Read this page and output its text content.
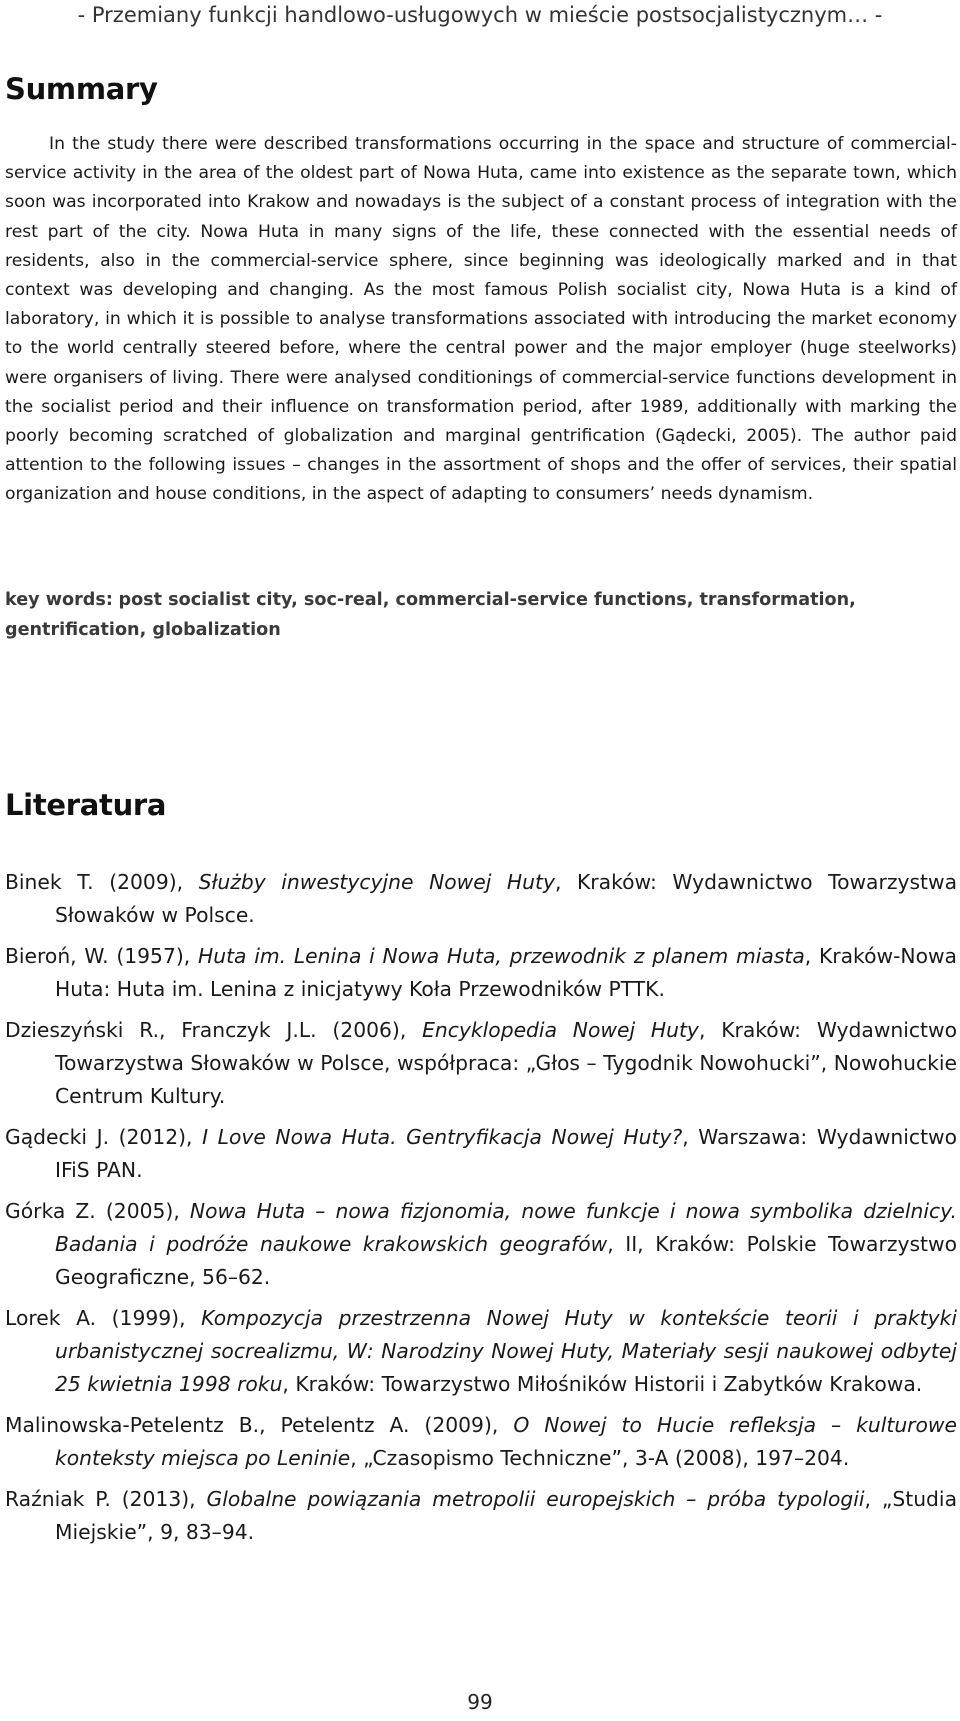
- Przemiany funkcji handlowo-usługowych w mieście postsocjalistycznym… -
Summary

In the study there were described transformations occurring in the space and structure of commercial-service activity in the area of the oldest part of Nowa Huta, came into existence as the separate town, which soon was incorporated into Krakow and nowadays is the subject of a constant process of integration with the rest part of the city. Nowa Huta in many signs of the life, these connected with the essential needs of residents, also in the commercial-service sphere, since beginning was ideologically marked and in that context was developing and changing. As the most famous Polish socialist city, Nowa Huta is a kind of laboratory, in which it is possible to analyse transformations associated with introducing the market economy to the world centrally steered before, where the central power and the major employer (huge steelworks) were organisers of living. There were analysed conditionings of commercial-service functions development in the socialist period and their influence on transformation period, after 1989, additionally with marking the poorly becoming scratched of globalization and marginal gentrification (Gądecki, 2005). The author paid attention to the following issues – changes in the assortment of shops and the offer of services, their spatial organization and house conditions, in the aspect of adapting to consumers’ needs dynamism.

key words: post socialist city, soc-real, commercial-service functions, transformation, gentrification, globalization

Literatura
Binek T. (2009), Służby inwestycyjne Nowej Huty, Kraków: Wydawnictwo Towarzystwa Słowaków w Polsce.
Bieroń, W. (1957), Huta im. Lenina i Nowa Huta, przewodnik z planem miasta, Kraków-Nowa Huta: Huta im. Lenina z inicjatywy Koła Przewodników PTTK.
Dzieszyński R., Franczyk J.L. (2006), Encyklopedia Nowej Huty, Kraków: Wydawnictwo Towarzystwa Słowaków w Polsce, współpraca: „Głos – Tygodnik Nowohucki”, Nowohuckie Centrum Kultury.
Gądecki J. (2012), I Love Nowa Huta. Gentryfikacja Nowej Huty?, Warszawa: Wydawnictwo IFiS PAN.
Górka Z. (2005), Nowa Huta – nowa fizjonomia, nowe funkcje i nowa symbolika dzielnicy. Badania i podróże naukowe krakowskich geografów, II, Kraków: Polskie Towarzystwo Geograficzne, 56–62.
Lorek A. (1999), Kompozycja przestrzenna Nowej Huty w kontekście teorii i praktyki urbanistycznej socrealizmu, W: Narodziny Nowej Huty, Materiały sesji naukowej odbytej 25 kwietnia 1998 roku, Kraków: Towarzystwo Miłośników Historii i Zabytków Krakowa.
Malinowska-Petelentz B., Petelentz A. (2009), O Nowej to Hucie refleksja – kulturowe konteksty miejsca po Leninie, „Czasopismo Techniczne”, 3-A (2008), 197–204.
Raźniak P. (2013), Globalne powiązania metropolii europejskich – próba typologii, „Studia Miejskie”, 9, 83–94.
99
